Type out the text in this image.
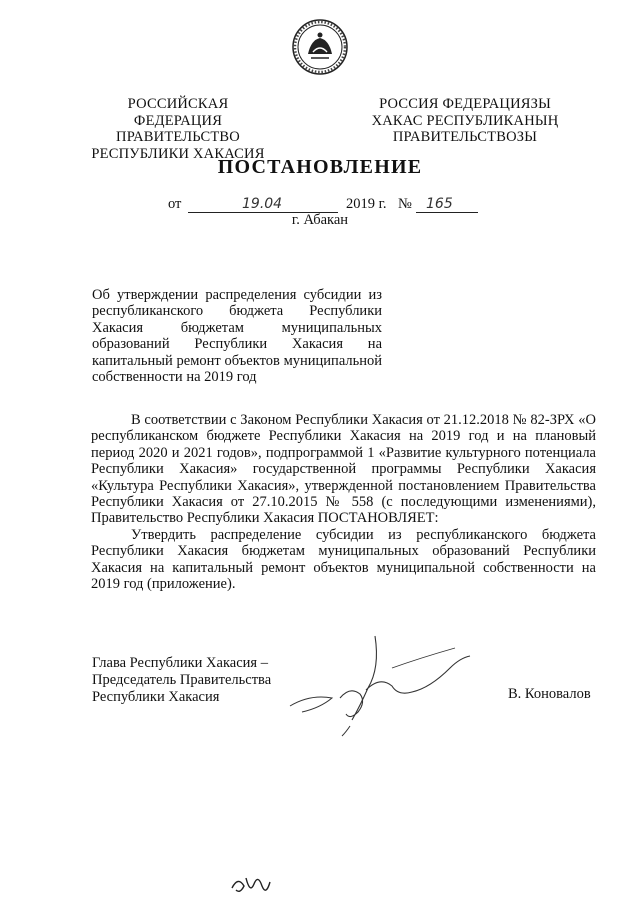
РОССИЙСКАЯ ФЕДЕРАЦИЯ
ПРАВИТЕЛЬСТВО
РЕСПУБЛИКИ ХАКАСИЯ
РОССИЯ ФЕДЕРАЦИЯЗЫ
ХАКАС РЕСПУБЛИКАНЫҢ
ПРАВИТЕЛЬСТВОЗЫ
ПОСТАНОВЛЕНИЕ
от	19.04	2019 г. № 165
г. Абакан
Об утверждении распределения субсидии из
республиканского бюджета Республики
Хакасия бюджетам муниципальных
образований Республики Хакасия на
капитальный ремонт объектов муниципальной
собственности на 2019 год

В соответствии с Законом Республики Хакасия от 21.12.2018 № 82-ЗРХ «О республиканском бюджете Республики Хакасия на 2019 год и на плановый период 2020 и 2021 годов», подпрограммой 1 «Развитие культурного потенциала Республики Хакасия» государственной программы Республики Хакасия «Культура Республики Хакасия», утвержденной постановлением Правительства Республики Хакасия от 27.10.2015 № 558 (с последующими изменениями), Правительство Республики Хакасия ПОСТАНОВЛЯЕТ:

Утвердить распределение субсидии из республиканского бюджета Республики Хакасия бюджетам муниципальных образований Республики Хакасия на капитальный ремонт объектов муниципальной собственности на 2019 год (приложение).

Глава Республики Хакасия –
Председатель Правительства
Республики Хакасия	В. Коновалов
